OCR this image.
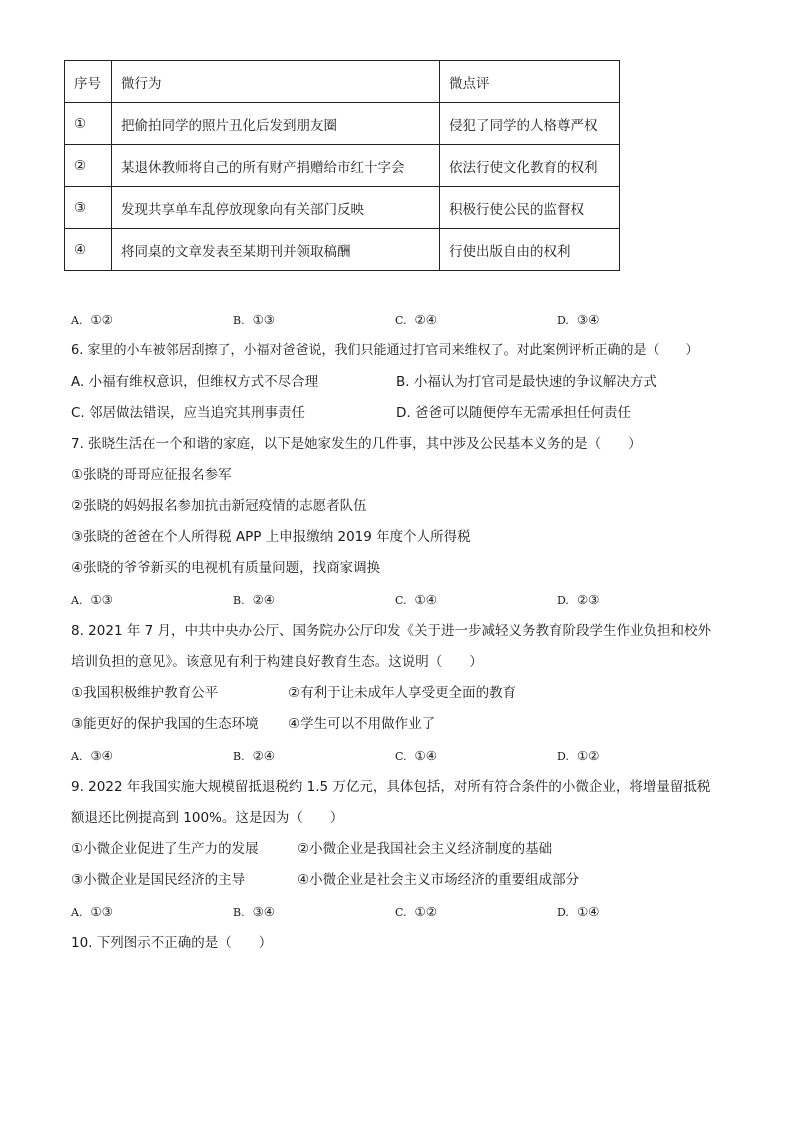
序号	微行为	微点评
①	把偷拍同学的照片丑化后发到朋友圈	侵犯了同学的人格尊严权
②	某退休教师将自己的所有财产捐赠给市红十字会	依法行使文化教育的权利
③	发现共享单车乱停放现象向有关部门反映	积极行使公民的监督权
④	将同桌的文章发表至某期刊并领取稿酬	行使出版自由的权利
A. ①②	B. ①③	C. ②④	D. ③④
6. 家里的小车被邻居刮擦了，小福对爸爸说，我们只能通过打官司来维权了。对此案例评析正确的是（　　）
A. 小福有维权意识，但维权方式不尽合理	B. 小福认为打官司是最快速的争议解决方式
C. 邻居做法错误，应当追究其刑事责任	D. 爸爸可以随便停车无需承担任何责任
7. 张晓生活在一个和谐的家庭，以下是她家发生的几件事，其中涉及公民基本义务的是（　　）
①张晓的哥哥应征报名参军
②张晓的妈妈报名参加抗击新冠疫情的志愿者队伍
③张晓的爸爸在个人所得税 APP 上申报缴纳 2019 年度个人所得税
④张晓的爷爷新买的电视机有质量问题，找商家调换
A. ①③	B. ②④	C. ①④	D. ②③
8. 2021 年 7 月，中共中央办公厅、国务院办公厅印发《关于进一步减轻义务教育阶段学生作业负担和校外
培训负担的意见》。该意见有利于构建良好教育生态。这说明（　　）
①我国积极维护教育公平	②有利于让未成年人享受更全面的教育
③能更好的保护我国的生态环境 ④学生可以不用做作业了
A. ③④	B. ②④	C. ①④	D. ①②
9. 2022 年我国实施大规模留抵退税约 1.5 万亿元，具体包括，对所有符合条件的小微企业，将增量留抵税
额退还比例提高到 100%。这是因为（　　）
①小微企业促进了生产力的发展	②小微企业是我国社会主义经济制度的基础
③小微企业是国民经济的主导	④小微企业是社会主义市场经济的重要组成部分
A. ①③	B. ③④	C. ①②	D. ①④
10. 下列图示不正确的是（　　）
